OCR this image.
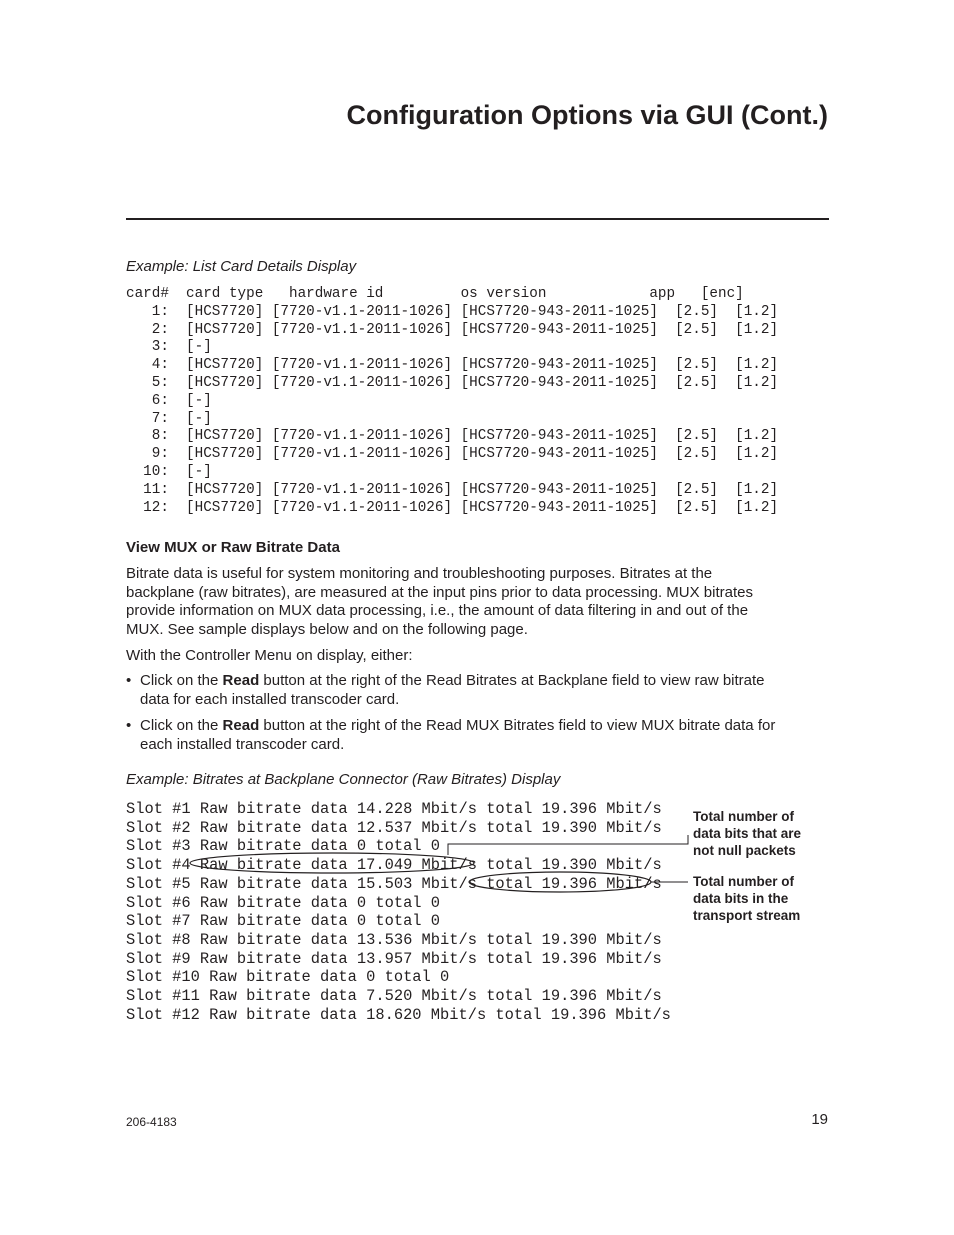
Configuration Options via GUI (Cont.)
Example: List Card Details Display
card#  card type   hardware id         os version            app   [enc]
1:  [HCS7720] [7720-v1.1-2011-1026] [HCS7720-943-2011-1025]  [2.5]  [1.2]
2:  [HCS7720] [7720-v1.1-2011-1026] [HCS7720-943-2011-1025]  [2.5]  [1.2]
3:  [-]
4:  [HCS7720] [7720-v1.1-2011-1026] [HCS7720-943-2011-1025]  [2.5]  [1.2]
5:  [HCS7720] [7720-v1.1-2011-1026] [HCS7720-943-2011-1025]  [2.5]  [1.2]
6:  [-]
7:  [-]
8:  [HCS7720] [7720-v1.1-2011-1026] [HCS7720-943-2011-1025]  [2.5]  [1.2]
9:  [HCS7720] [7720-v1.1-2011-1026] [HCS7720-943-2011-1025]  [2.5]  [1.2]
10:  [-]
11:  [HCS7720] [7720-v1.1-2011-1026] [HCS7720-943-2011-1025]  [2.5]  [1.2]
12:  [HCS7720] [7720-v1.1-2011-1026] [HCS7720-943-2011-1025]  [2.5]  [1.2]
View MUX or Raw Bitrate Data

Bitrate data is useful for system monitoring and troubleshooting purposes. Bitrates at the backplane (raw bitrates), are measured at the input pins prior to data processing. MUX bitrates provide information on MUX data processing, i.e., the amount of data filtering in and out of the MUX. See sample displays below and on the following page.

With the Controller Menu on display, either:

• Click on the Read button at the right of the Read Bitrates at Backplane field to view raw bitrate data for each installed transcoder card.
• Click on the Read button at the right of the Read MUX Bitrates field to view MUX bitrate data for each installed transcoder card.
Example: Bitrates at Backplane Connector (Raw Bitrates) Display
Slot #1 Raw bitrate data 14.228 Mbit/s total 19.396 Mbit/s
Slot #2 Raw bitrate data 12.537 Mbit/s total 19.390 Mbit/s
Slot #3 Raw bitrate data 0 total 0
Slot #4 Raw bitrate data 17.049 Mbit/s total 19.390 Mbit/s
Slot #5 Raw bitrate data 15.503 Mbit/s total 19.396 Mbit/s
Slot #6 Raw bitrate data 0 total 0
Slot #7 Raw bitrate data 0 total 0
Slot #8 Raw bitrate data 13.536 Mbit/s total 19.390 Mbit/s
Slot #9 Raw bitrate data 13.957 Mbit/s total 19.396 Mbit/s
Slot #10 Raw bitrate data 0 total 0
Slot #11 Raw bitrate data 7.520 Mbit/s total 19.396 Mbit/s
Slot #12 Raw bitrate data 18.620 Mbit/s total 19.396 Mbit/s
Total number of data bits that are not null packets
Total number of data bits in the transport stream
206-4183	19
